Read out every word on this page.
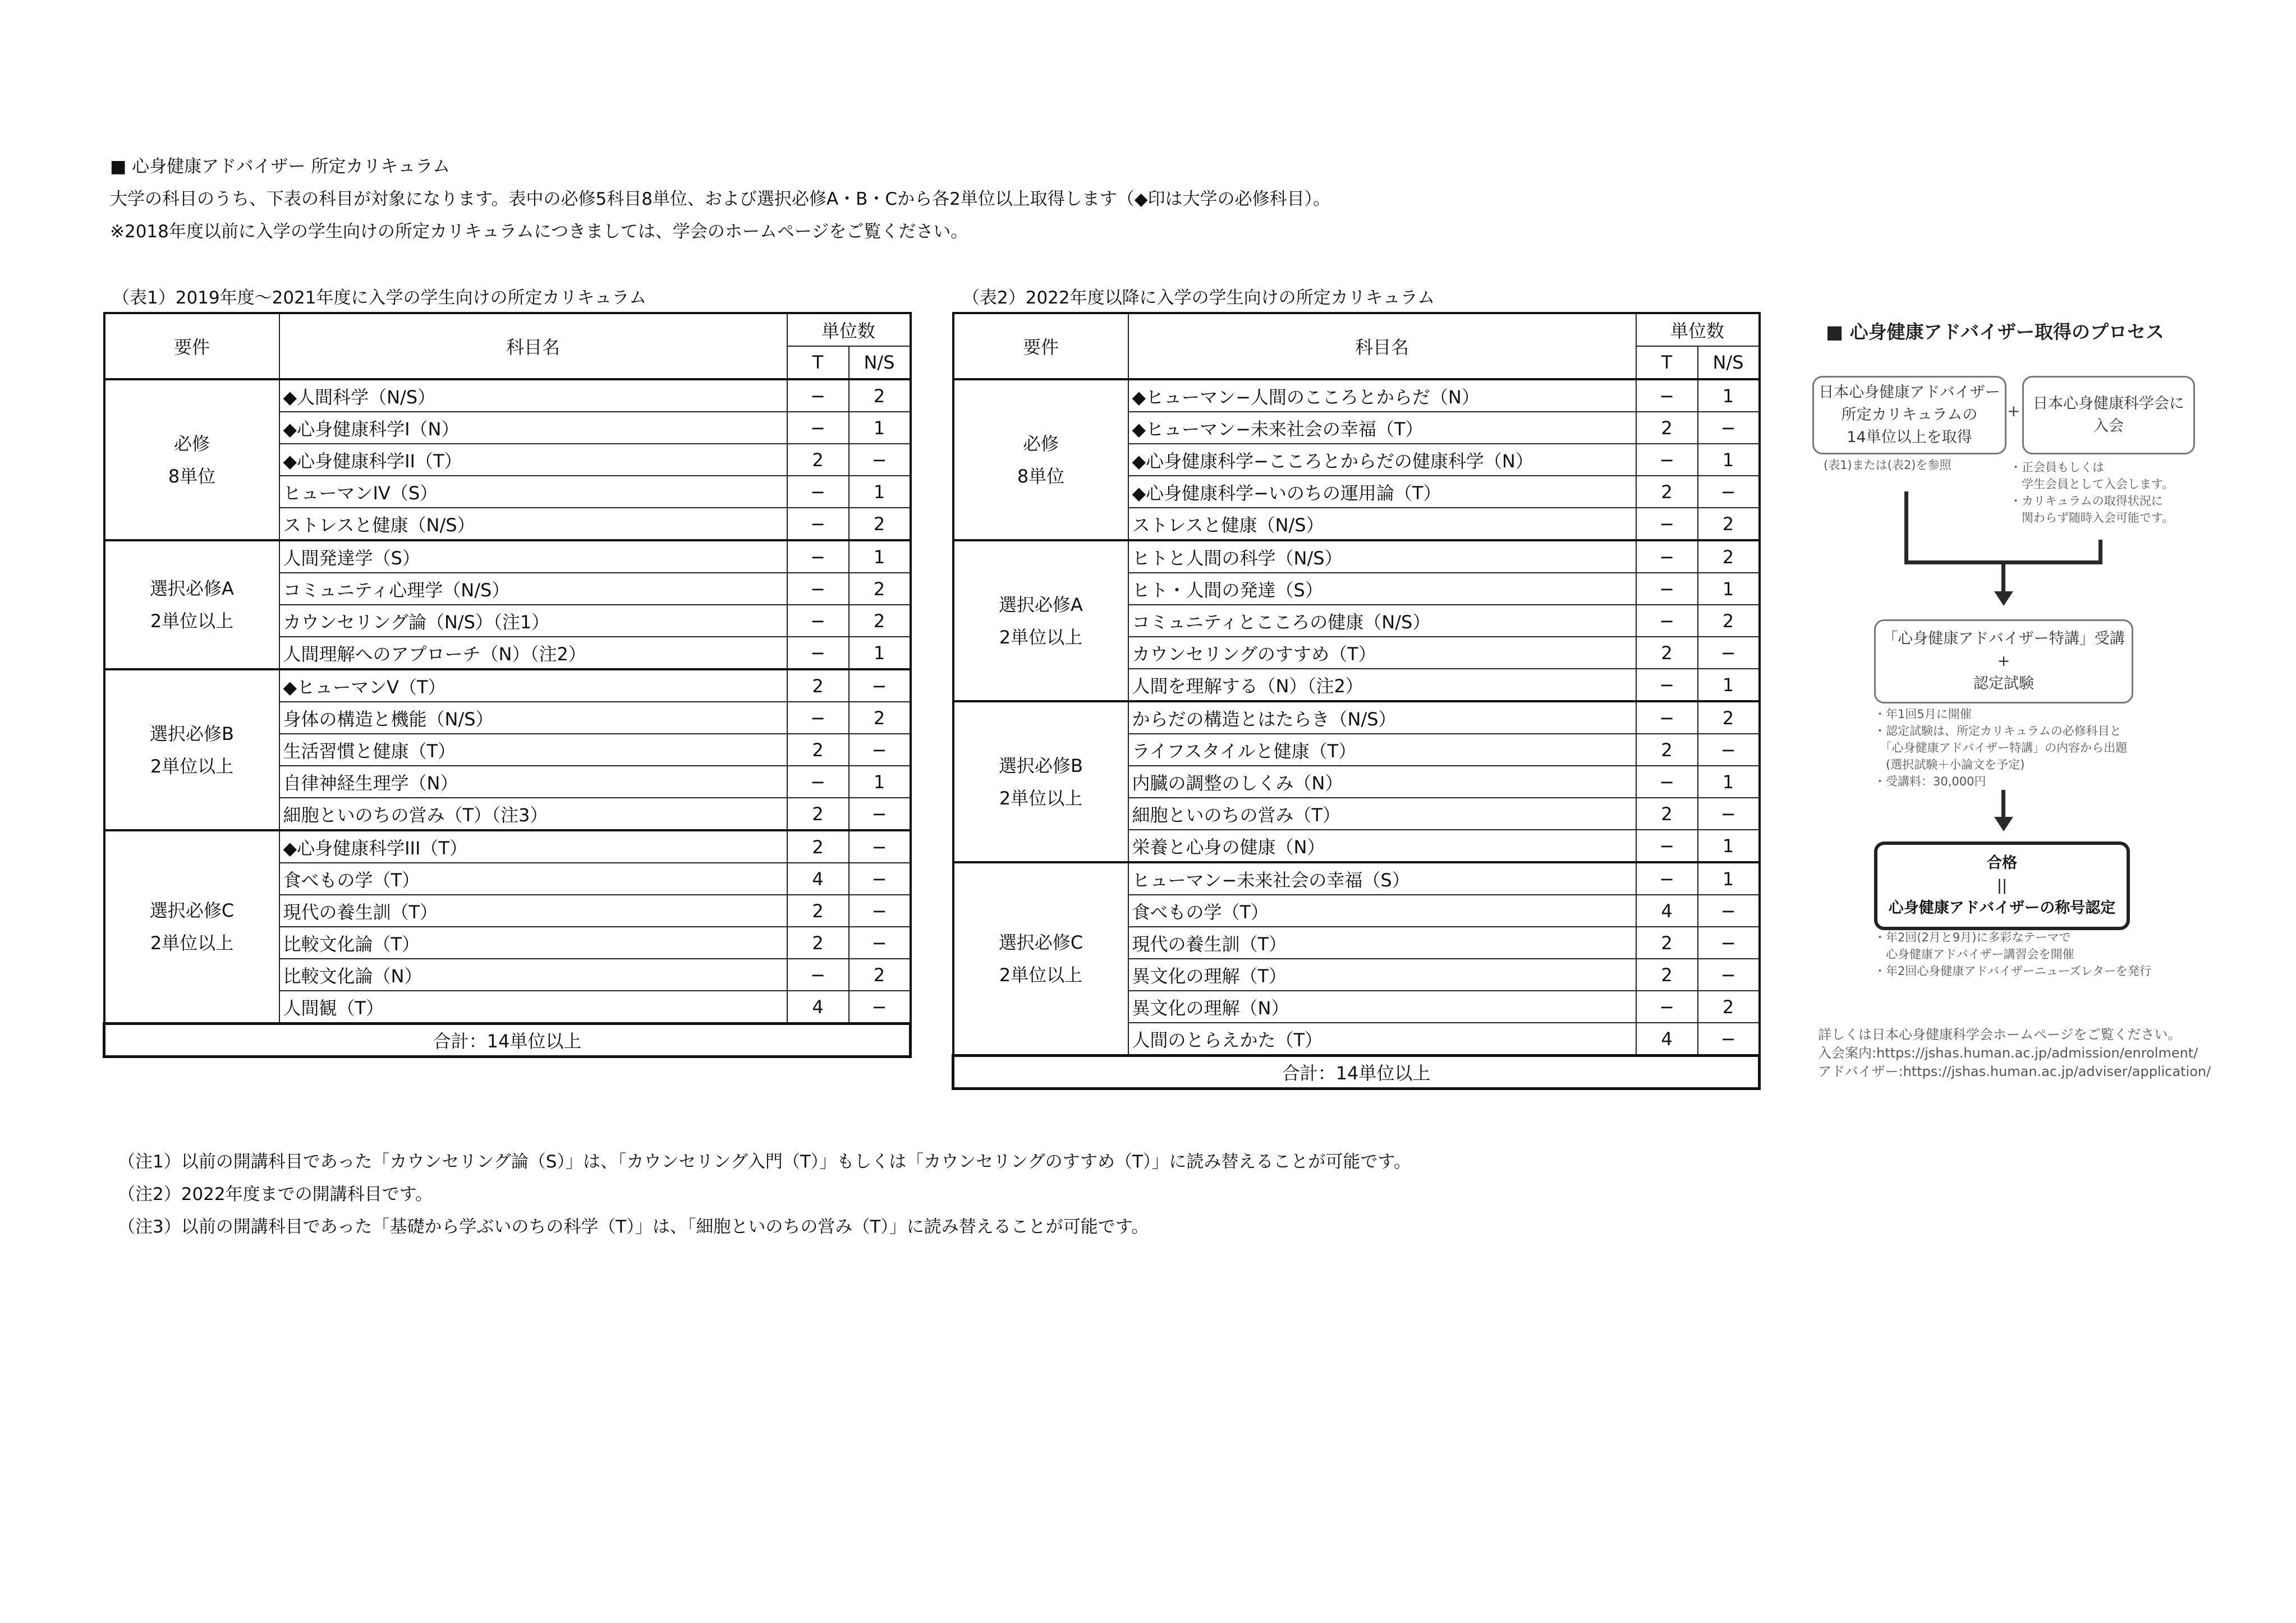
■ 心身健康アドバイザー 所定カリキュラム

大学の科目のうち、下表の科目が対象になります。表中の必修5科目8単位、および選択必修A・B・Cから各2単位以上取得します（◆印は大学の必修科目）。

※2018年度以前に入学の学生向けの所定カリキュラムにつきましては、学会のホームページをご覧ください。

（表1）2019年度〜2021年度に入学の学生向けの所定カリキュラム
要件	科目名	単位数	
		T	N/S

必修
8単位	◆人間科学（N/S）	−	2
	◆心身健康科学I（N）	−	1
	◆心身健康科学II（T）	2	−
	ヒューマンIV（S）	−	1
	ストレスと健康（N/S）	−	2

選択必修A
2単位以上	人間発達学（S）	−	1
	コミュニティ心理学（N/S）	−	2
	カウンセリング論（N/S）（注1）	−	2
	人間理解へのアプローチ（N）（注2）	−	1

選択必修B
2単位以上	◆ヒューマンV（T）	2	−
	身体の構造と機能（N/S）	−	2
	生活習慣と健康（T）	2	−
	自律神経生理学（N）	−	1
	細胞といのちの営み（T）（注3）	2	−

選択必修C
2単位以上	◆心身健康科学III（T）	2	−
	食べもの学（T）	4	−
	現代の養生訓（T）	2	−
	比較文化論（T）	2	−
	比較文化論（N）	−	2
	人間観（T）	4	−
合計：14単位以上			
（表2）2022年度以降に入学の学生向けの所定カリキュラム
要件	科目名	単位数	
		T	N/S

必修
8単位	◆ヒューマン−人間のこころとからだ（N）	−	1
	◆ヒューマン−未来社会の幸福（T）	2	−
	◆心身健康科学−こころとからだの健康科学（N）	−	1
	◆心身健康科学−いのちの運用論（T）	2	−
	ストレスと健康（N/S）	−	2

選択必修A
2単位以上	ヒトと人間の科学（N/S）	−	2
	ヒト・人間の発達（S）	−	1
	コミュニティとこころの健康（N/S）	−	2
	カウンセリングのすすめ（T）	2	−
	人間を理解する（N）（注2）	−	1

選択必修B
2単位以上	からだの構造とはたらき（N/S）	−	2
	ライフスタイルと健康（T）	2	−
	内臓の調整のしくみ（N）	−	1
	細胞といのちの営み（T）	2	−
	栄養と心身の健康（N）	−	1

選択必修C
2単位以上	ヒューマン−未来社会の幸福（S）	−	1
	食べもの学（T）	4	−
	現代の養生訓（T）	2	−
	異文化の理解（T）	2	−
	異文化の理解（N）	−	2
	人間のとらえかた（T）	4	−
合計：14単位以上			

（注1）以前の開講科目であった「カウンセリング論（S）」は、「カウンセリング入門（T）」もしくは「カウンセリングのすすめ（T）」に読み替えることが可能です。

（注2）2022年度までの開講科目です。

（注3）以前の開講科目であった「基礎から学ぶいのちの科学（T）」は、「細胞といのちの営み（T）」に読み替えることが可能です。

■ 心身健康アドバイザー取得のプロセス
日本心身健康アドバイザー
所定カリキュラムの
14単位以上を取得
+ 日本心身健康科学会に
入会
(表1)または(表2)を参照	・正会員もしくは
　学生会員として入会します。
・カリキュラムの取得状況に
　関わらず随時入会可能です。
「心身健康アドバイザー特講」受講
+
認定試験
・年1回5月に開催
・認定試験は、所定カリキュラムの必修科目と
　「心身健康アドバイザー特講」の内容から出題
　(選択試験＋小論文を予定)
・受講料：30,000円
合格
||
心身健康アドバイザーの称号認定
・年2回(2月と9月)に多彩なテーマで
　心身健康アドバイザー講習会を開催
・年2回心身健康アドバイザーニューズレターを発行
詳しくは日本心身健康科学会ホームページをご覧ください。
入会案内:https://jshas.human.ac.jp/admission/enrolment/
アドバイザー:https://jshas.human.ac.jp/adviser/application/
